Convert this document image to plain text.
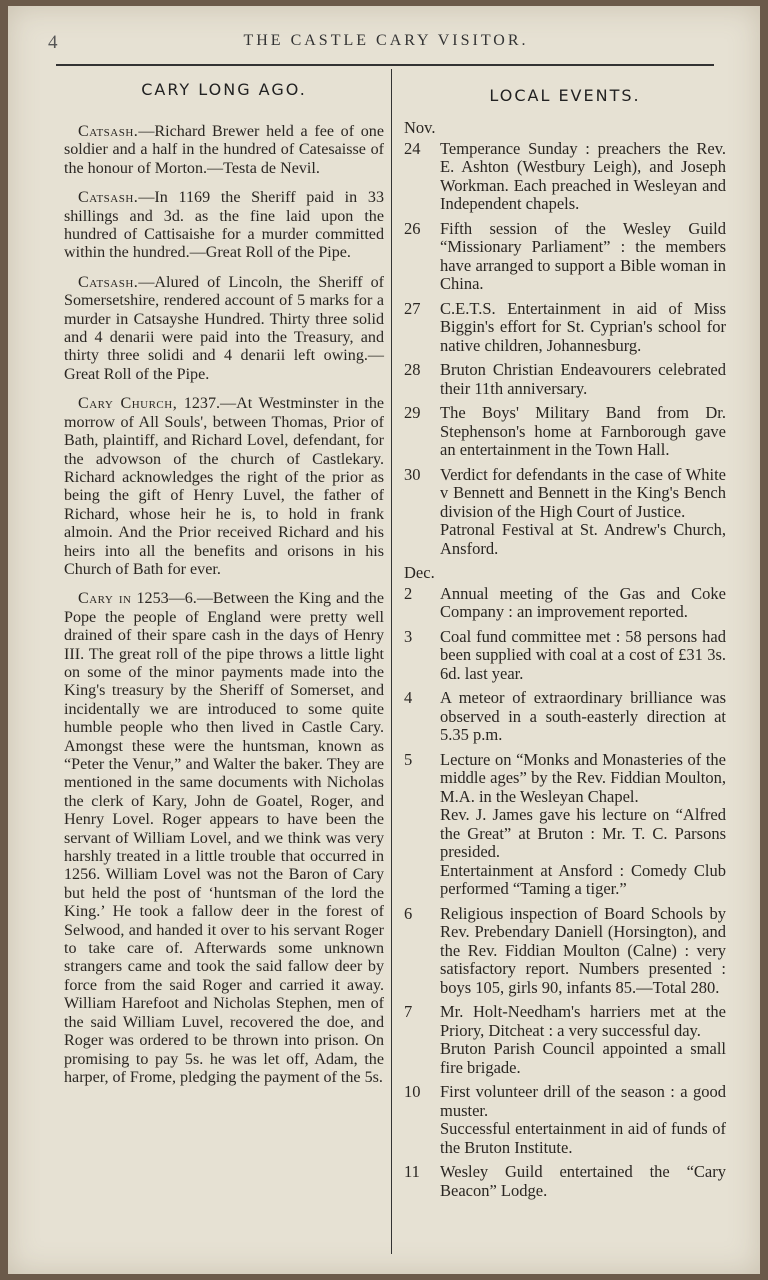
4	THE CASTLE CARY VISITOR.
CARY LONG AGO.

Catsash.—Richard Brewer held a fee of one soldier and a half in the hundred of Catesaisse of the honour of Morton.—Testa de Nevil.

Catsash.—In 1169 the Sheriff paid in 33 shillings and 3d. as the fine laid upon the hundred of Cattisaishe for a murder committed within the hundred.—Great Roll of the Pipe.

Catsash.—Alured of Lincoln, the Sheriff of Somersetshire, rendered account of 5 marks for a murder in Catsayshe Hundred. Thirty three solid and 4 denarii were paid into the Treasury, and thirty three solidi and 4 denarii left owing.—Great Roll of the Pipe.

Cary Church, 1237.—At Westminster in the morrow of All Souls', between Thomas, Prior of Bath, plaintiff, and Richard Lovel, defendant, for the advowson of the church of Castlekary. Richard acknowledges the right of the prior as being the gift of Henry Luvel, the father of Richard, whose heir he is, to hold in frank almoin. And the Prior received Richard and his heirs into all the benefits and orisons in his Church of Bath for ever.

Cary in 1253—6.—Between the King and the Pope the people of England were pretty well drained of their spare cash in the days of Henry III. The great roll of the pipe throws a little light on some of the minor payments made into the King's treasury by the Sheriff of Somerset, and incidentally we are introduced to some quite humble people who then lived in Castle Cary. Amongst these were the huntsman, known as “Peter the Venur,” and Walter the baker. They are mentioned in the same documents with Nicholas the clerk of Kary, John de Goatel, Roger, and Henry Lovel. Roger appears to have been the servant of William Lovel, and we think was very harshly treated in a little trouble that occurred in 1256. William Lovel was not the Baron of Cary but held the post of ‘huntsman of the lord the King.’ He took a fallow deer in the forest of Selwood, and handed it over to his servant Roger to take care of. Afterwards some unknown strangers came and took the said fallow deer by force from the said Roger and carried it away. William Harefoot and Nicholas Stephen, men of the said William Luvel, recovered the doe, and Roger was ordered to be thrown into prison. On promising to pay 5s. he was let off, Adam, the harper, of Frome, pledging the payment of the 5s.

LOCAL EVENTS.
Nov.
24	Temperance Sunday : preachers the Rev. E. Ashton (Westbury Leigh), and Joseph Workman. Each preached in Wesleyan and Independent chapels.
26	Fifth session of the Wesley Guild “Missionary Parliament” : the members have arranged to support a Bible woman in China.
27	C.E.T.S. Entertainment in aid of Miss Biggin's effort for St. Cyprian's school for native children, Johannesburg.
28	Bruton Christian Endeavourers celebrated their 11th anniversary.
29	The Boys' Military Band from Dr. Stephenson's home at Farnborough gave an entertainment in the Town Hall.
30	Verdict for defendants in the case of White v Bennett and Bennett in the King's Bench division of the High Court of Justice.
Patronal Festival at St. Andrew's Church, Ansford.
Dec.
2	Annual meeting of the Gas and Coke Company : an improvement reported.
3	Coal fund committee met : 58 persons had been supplied with coal at a cost of £31 3s. 6d. last year.
4	A meteor of extraordinary brilliance was observed in a south-easterly direction at 5.35 p.m.
5	Lecture on “Monks and Monasteries of the middle ages” by the Rev. Fiddian Moulton, M.A. in the Wesleyan Chapel.
Rev. J. James gave his lecture on “Alfred the Great” at Bruton : Mr. T. C. Parsons presided.
Entertainment at Ansford : Comedy Club performed “Taming a tiger.”
6	Religious inspection of Board Schools by Rev. Prebendary Daniell (Horsington), and the Rev. Fiddian Moulton (Calne) : very satisfactory report. Numbers presented : boys 105, girls 90, infants 85.—Total 280.
7	Mr. Holt-Needham's harriers met at the Priory, Ditcheat : a very successful day.
Bruton Parish Council appointed a small fire brigade.
10	First volunteer drill of the season : a good muster.
Successful entertainment in aid of funds of the Bruton Institute.
11	Wesley Guild entertained the “Cary Beacon” Lodge.
